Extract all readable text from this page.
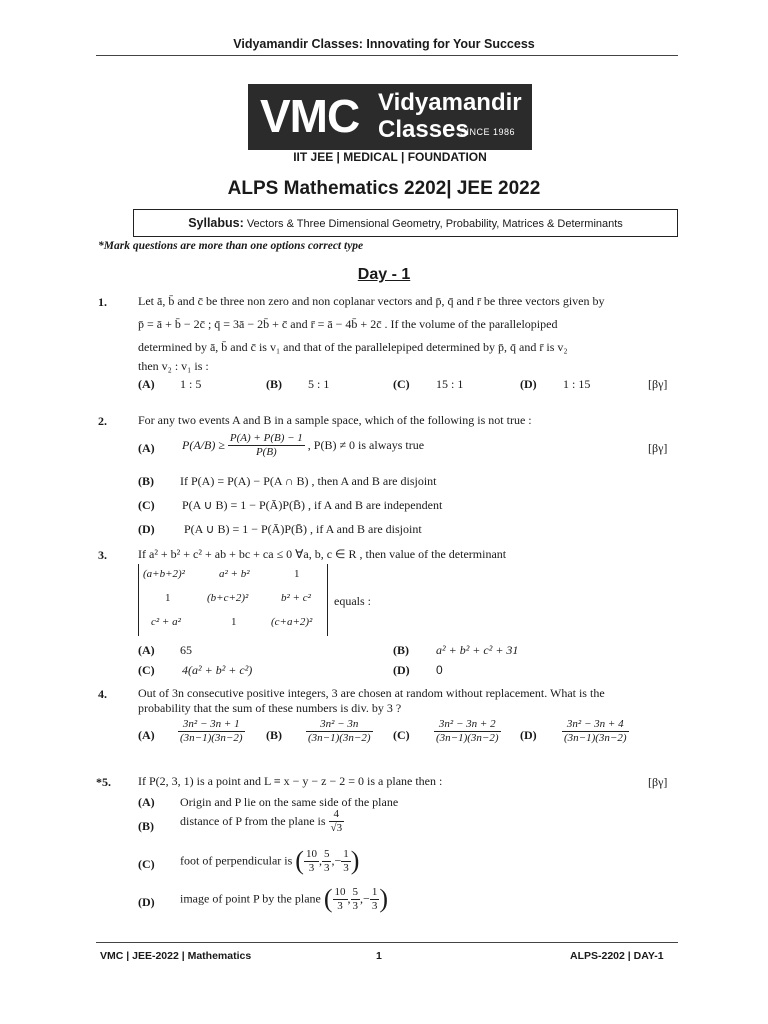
Vidyamandir Classes: Innovating for Your Success
VMC Vidyamandir
Classes
SINCE 1986
IIT JEE | MEDICAL | FOUNDATION
ALPS Mathematics 2202| JEE 2022
Syllabus: Vectors & Three Dimensional Geometry, Probability, Matrices & Determinants
*Mark questions are more than one options correct type
Day - 1
1.	Let ā, b̄ and c̄ be three non zero and non coplanar vectors and p̄, q̄ and r̄ be three vectors given by
p̄ = ā + b̄ − 2c̄ ; q̄ = 3ā − 2b̄ + c̄ and r̄ = ā − 4b̄ + 2c̄ . If the volume of the parallelopiped
determined by ā, b̄ and c̄ is v₁ and that of the parallelepiped determined by p̄, q̄ and r̄ is v₂
then v₂ : v₁ is :
(A) 1 : 5	(B) 5 : 1	(C) 15 : 1	(D) 1 : 15	[βγ]
2.	For any two events A and B in a sample space, which of the following is not true :
(A) $P(A/B) \ge \frac{P(A) + P(B) - 1}{P(B)}$ , P(B) ≠ 0 is always true	[βγ]
(B) If P(A) = P(A) − P(A ∩ B) , then A and B are disjoint
(C) P(A ∪ B) = 1 − P(Ā)P(B̄) , if A and B are independent
(D) P(A ∪ B) = 1 − P(Ā)P(B̄) , if A and B are disjoint
3.	If a² + b² + c² + ab + bc + ca ≤ 0 ∀a, b, c ∈ R , then value of the determinant
(a+b+2)²	a² + b²	1
1	(b+c+2)²	b² + c²
c² + a²	1	(c+a+2)²
equals :
(A) 65	(B) a² + b² + c² + 31
(C) 4(a² + b² + c²)	(D) 0
4.	Out of 3n consecutive positive integers, 3 are chosen at random without replacement. What is the
probability that the sum of these numbers is div. by 3 ?
$(A) \frac{\text{3n² − 3n + 1}}{(3n-1)(3n-2)} (B) \frac{\text{3n² − 3n}}{(3n-1)(3n-2)} (C) \frac{\text{3n² − 3n + 2}}{(3n-1)(3n-2)} (D) \frac{\text{3n² − 3n + 4}}{(3n-1)(3n-2)}$
*5. If P(2, 3, 1) is a point and L ≡ x − y − z − 2 = 0 is a plane then :	[βγ]
(A) Origin and P lie on the same side of the plane
(B) distance of P from the plane is $\frac{4}{√3}$
(C) foot of perpendicular is ( $\frac{10}{3}$ , $\frac{5}{3}$ ,− $\frac{1}{3}$ )
(D) image of point P by the plane ( $\frac{10}{3}$ , $\frac{5}{3}$ ,− $\frac{1}{3}$ )
VMC | JEE-2022 | Mathematics	1	ALPS-2202 | DAY-1
